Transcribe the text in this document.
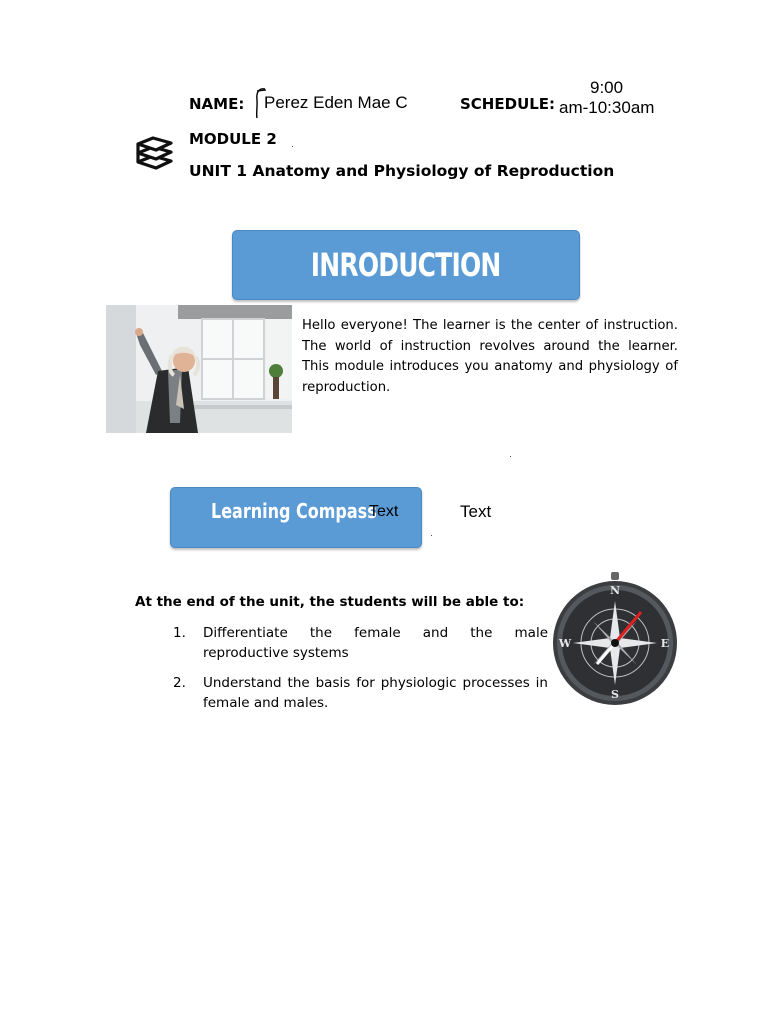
NAME: Perez Eden Mae C	SCHEDULE:
9:00
am-10:30am
MODULE 2
UNIT 1 Anatomy and Physiology of Reproduction
INRODUCTION
Hello everyone! The learner is the center of instruction. The world of instruction revolves around the learner. This module introduces you anatomy and physiology of reproduction.
Learning Compass
Text	Text
At the end of the unit, the students will be able to:
1. Differentiate the female and the male reproductive systems
2. Understand the basis for physiologic processes in female and males.
N
S
E
W
